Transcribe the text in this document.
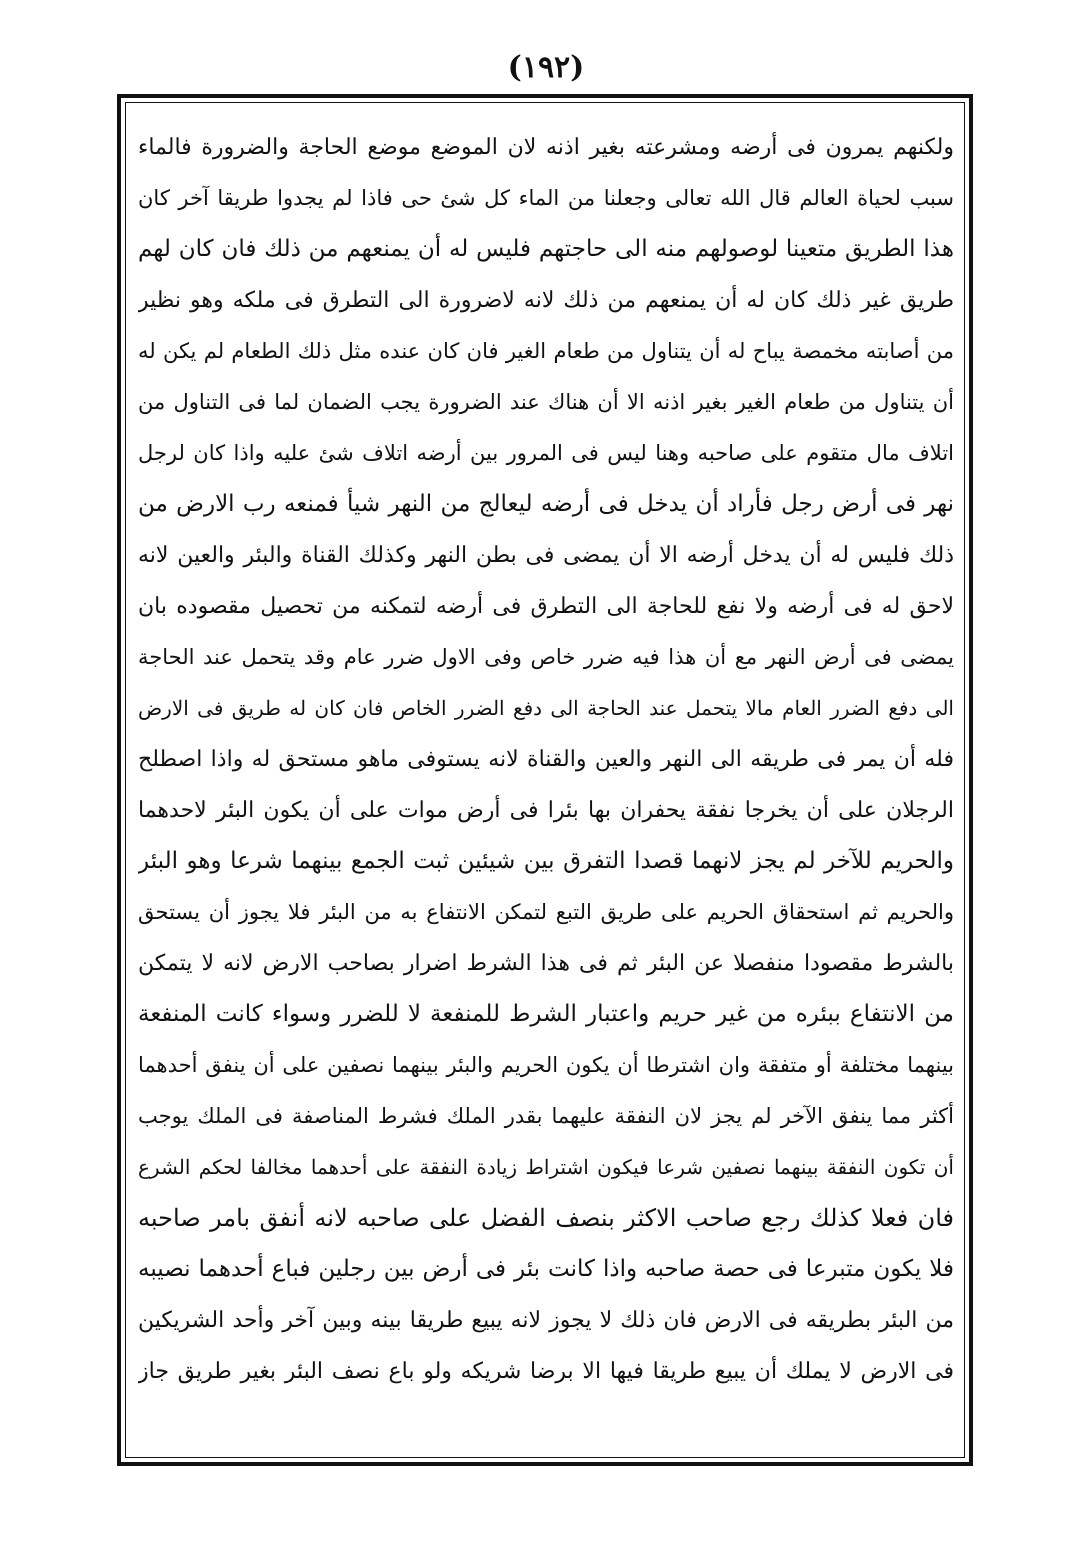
(١٩٢)
ولكنهم يمرون فى أرضه ومشرعته بغير اذنه لان الموضع موضع الحاجة والضرورة فالماء
سبب لحياة العالم قال الله تعالى وجعلنا من الماء كل شئ حى فاذا لم يجدوا طريقا آخر كان
هذا الطريق متعينا لوصولهم منه الى حاجتهم فليس له أن يمنعهم من ذلك فان كان لهم
طريق غير ذلك كان له أن يمنعهم من ذلك لانه لاضرورة الى التطرق فى ملكه وهو نظير
من أصابته مخمصة يباح له أن يتناول من طعام الغير فان كان عنده مثل ذلك الطعام لم يكن له
أن يتناول من طعام الغير بغير اذنه الا أن هناك عند الضرورة يجب الضمان لما فى التناول من
اتلاف مال متقوم على صاحبه وهنا ليس فى المرور بين أرضه اتلاف شئ عليه واذا كان لرجل
نهر فى أرض رجل فأراد أن يدخل فى أرضه ليعالج من النهر شيأ فمنعه رب الارض من
ذلك فليس له أن يدخل أرضه الا أن يمضى فى بطن النهر وكذلك القناة والبئر والعين لانه
لاحق له فى أرضه ولا نفع للحاجة الى التطرق فى أرضه لتمكنه من تحصيل مقصوده بان
يمضى فى أرض النهر مع أن هذا فيه ضرر خاص وفى الاول ضرر عام وقد يتحمل عند الحاجة
الى دفع الضرر العام مالا يتحمل عند الحاجة الى دفع الضرر الخاص فان كان له طريق فى الارض
فله أن يمر فى طريقه الى النهر والعين والقناة لانه يستوفى ماهو مستحق له واذا اصطلح
الرجلان على أن يخرجا نفقة يحفران بها بئرا فى أرض موات على أن يكون البئر لاحدهما
والحريم للآخر لم يجز لانهما قصدا التفرق بين شيئين ثبت الجمع بينهما شرعا وهو البئر
والحريم ثم استحقاق الحريم على طريق التبع لتمكن الانتفاع به من البئر فلا يجوز أن يستحق
بالشرط مقصودا منفصلا عن البئر ثم فى هذا الشرط اضرار بصاحب الارض لانه لا يتمكن
من الانتفاع ببئره من غير حريم واعتبار الشرط للمنفعة لا للضرر وسواء كانت المنفعة
بينهما مختلفة أو متفقة وان اشترطا أن يكون الحريم والبئر بينهما نصفين على أن ينفق أحدهما
أكثر مما ينفق الآخر لم يجز لان النفقة عليهما بقدر الملك فشرط المناصفة فى الملك يوجب
أن تكون النفقة بينهما نصفين شرعا فيكون اشتراط زيادة النفقة على أحدهما مخالفا لحكم الشرع
فان فعلا كذلك رجع صاحب الاكثر بنصف الفضل على صاحبه لانه أنفق بامر صاحبه
فلا يكون متبرعا فى حصة صاحبه واذا كانت بئر فى أرض بين رجلين فباع أحدهما نصيبه
من البئر بطريقه فى الارض فان ذلك لا يجوز لانه يبيع طريقا بينه وبين آخر وأحد الشريكين
فى الارض لا يملك أن يبيع طريقا فيها الا برضا شريكه ولو باع نصف البئر بغير طريق جاز
